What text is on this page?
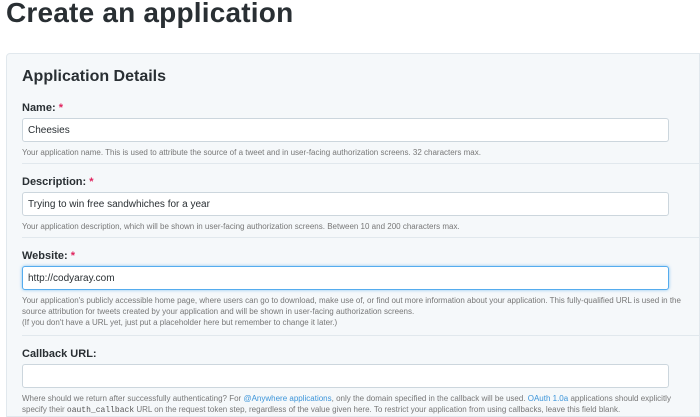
Create an application
Application Details
Name: *
Cheesies
Your application name. This is used to attribute the source of a tweet and in user-facing authorization screens. 32 characters max.
Description: *
Trying to win free sandwhiches for a year
Your application description, which will be shown in user-facing authorization screens. Between 10 and 200 characters max.
Website: *
http://codyaray.com
Your application's publicly accessible home page, where users can go to download, make use of, or find out more information about your application. This fully-qualified URL is used in the source attribution for tweets created by your application and will be shown in user-facing authorization screens.
(If you don't have a URL yet, just put a placeholder here but remember to change it later.)
Callback URL:
Where should we return after successfully authenticating? For @Anywhere applications, only the domain specified in the callback will be used. OAuth 1.0a applications should explicitly specify their oauth_callback URL on the request token step, regardless of the value given here. To restrict your application from using callbacks, leave this field blank.
